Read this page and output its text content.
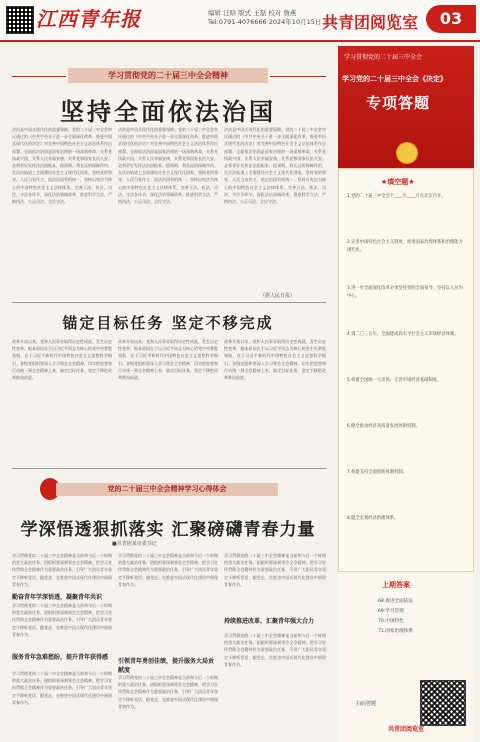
江西青年报	编辑 汪晗 版式 王磊 校对 詹燕
Tel:0791-4076666 2024年10月15日 星期二
共青团阅览室	03
学习贯彻党的二十届三中全会精神
坚持全面依法治国
法治是中国式现代化的重要保障。党的二十届三中全会审议通过的《中共中央关于进一步全面深化改革、推进中国式现代化的决定》对完善中国特色社会主义法治体系作出部署。全面依法治国是国家治理的一场深刻革命，关系党执政兴国，关系人民幸福安康，关系党和国家长治久安。必须更好发挥法治固根本、稳预期、利长远的保障作用，在法治轨道上全面建设社会主义现代化国家。坚持党的领导、人民当家作主、依法治国有机统一，坚持以宪法为核心的中国特色社会主义法律体系，完善立法、执法、司法、守法各环节，深化法治领域改革，推进科学立法、严格执法、公正司法、全民守法。
法治是中国式现代化的重要保障。党的二十届三中全会审议通过的《中共中央关于进一步全面深化改革、推进中国式现代化的决定》对完善中国特色社会主义法治体系作出部署。全面依法治国是国家治理的一场深刻革命，关系党执政兴国，关系人民幸福安康，关系党和国家长治久安。必须更好发挥法治固根本、稳预期、利长远的保障作用，在法治轨道上全面建设社会主义现代化国家。坚持党的领导、人民当家作主、依法治国有机统一，坚持以宪法为核心的中国特色社会主义法律体系，完善立法、执法、司法、守法各环节，深化法治领域改革，推进科学立法、严格执法、公正司法、全民守法。
法治是中国式现代化的重要保障。党的二十届三中全会审议通过的《中共中央关于进一步全面深化改革、推进中国式现代化的决定》对完善中国特色社会主义法治体系作出部署。全面依法治国是国家治理的一场深刻革命，关系党执政兴国，关系人民幸福安康，关系党和国家长治久安。必须更好发挥法治固根本、稳预期、利长远的保障作用，在法治轨道上全面建设社会主义现代化国家。坚持党的领导、人民当家作主、依法治国有机统一，坚持以宪法为核心的中国特色社会主义法律体系，完善立法、执法、司法、守法各环节，深化法治领域改革，推进科学立法、严格执法、公正司法、全民守法。
（据人民日报）
锚定目标任务 坚定不移完成
改革开放以来，党和人民事业取得历史性成就、发生历史性变革，根本原因在于以习近平同志为核心的党中央掌舵领航，在于习近平新时代中国特色社会主义思想科学指引。各级党组织要深入学习领会全会精神，切实把思想和行动统一到全会精神上来，锚定目标任务，坚定不移把改革推向前进。
改革开放以来，党和人民事业取得历史性成就、发生历史性变革，根本原因在于以习近平同志为核心的党中央掌舵领航，在于习近平新时代中国特色社会主义思想科学指引。各级党组织要深入学习领会全会精神，切实把思想和行动统一到全会精神上来，锚定目标任务，坚定不移把改革推向前进。
改革开放以来，党和人民事业取得历史性成就、发生历史性变革，根本原因在于以习近平同志为核心的党中央掌舵领航，在于习近平新时代中国特色社会主义思想科学指引。各级党组织要深入学习领会全会精神，切实把思想和行动统一到全会精神上来，锚定目标任务，坚定不移把改革推向前进。
党的二十届三中全会精神学习心得体会
学深悟透狠抓落实 汇聚磅礴青春力量
■共青团某市委书记
学习贯彻党的二十届三中全会精神是当前和今后一个时期的重大政治任务。团组织要深刻领会全会精神，把学习宣传贯彻全会精神作为重要政治任务，引导广大团员青年坚定不移听党话、跟党走，在推进中国式现代化建设中展现青春作为。
勤奋青年学深悟透，凝聚青年共识
学习贯彻党的二十届三中全会精神是当前和今后一个时期的重大政治任务。团组织要深刻领会全会精神，把学习宣传贯彻全会精神作为重要政治任务，引导广大团员青年坚定不移听党话、跟党走，在推进中国式现代化建设中展现青春作为。
服务青年急难愁盼，提升青年获得感
学习贯彻党的二十届三中全会精神是当前和今后一个时期的重大政治任务。团组织要深刻领会全会精神，把学习宣传贯彻全会精神作为重要政治任务，引导广大团员青年坚定不移听党话、跟党走，在推进中国式现代化建设中展现青春作为。
学习贯彻党的二十届三中全会精神是当前和今后一个时期的重大政治任务。团组织要深刻领会全会精神，把学习宣传贯彻全会精神作为重要政治任务，引导广大团员青年坚定不移听党话、跟党走，在推进中国式现代化建设中展现青春作为。
引领青年勇创佳绩，提升服务大局贡献度
学习贯彻党的二十届三中全会精神是当前和今后一个时期的重大政治任务。团组织要深刻领会全会精神，把学习宣传贯彻全会精神作为重要政治任务，引导广大团员青年坚定不移听党话、跟党走，在推进中国式现代化建设中展现青春作为。
学习贯彻党的二十届三中全会精神是当前和今后一个时期的重大政治任务。团组织要深刻领会全会精神，把学习宣传贯彻全会精神作为重要政治任务，引导广大团员青年坚定不移听党话、跟党走，在推进中国式现代化建设中展现青春作为。
持续推进改革，汇聚青年强大合力
学习贯彻党的二十届三中全会精神是当前和今后一个时期的重大政治任务。团组织要深刻领会全会精神，把学习宣传贯彻全会精神作为重要政治任务，引导广大团员青年坚定不移听党话、跟党走，在推进中国式现代化建设中展现青春作为。
学习贯彻党的二十届三中全会
学习党的二十届三中全会《决定》
专项答题
★填空题★
1.党的二十届三中全会于____年____月在北京召开。
2.完善中国特色社会主义制度，推进国家治理体系和治理能力现代化。
3.进一步全面深化改革必须坚持党的全面领导，坚持以人民为中心。
4.到二〇三五年，全面建成高水平社会主义市场经济体制。
5.构建全国统一大市场，完善市场经济基础制度。
6.健全推动经济高质量发展体制机制。
7.构建支持全面创新体制机制。
8.健全宏观经济治理体系。
上期答案
68.推进全面依法
69.学习贯彻
70.中国特色
71.国家治理体系
扫码答题
共青团阅览室
